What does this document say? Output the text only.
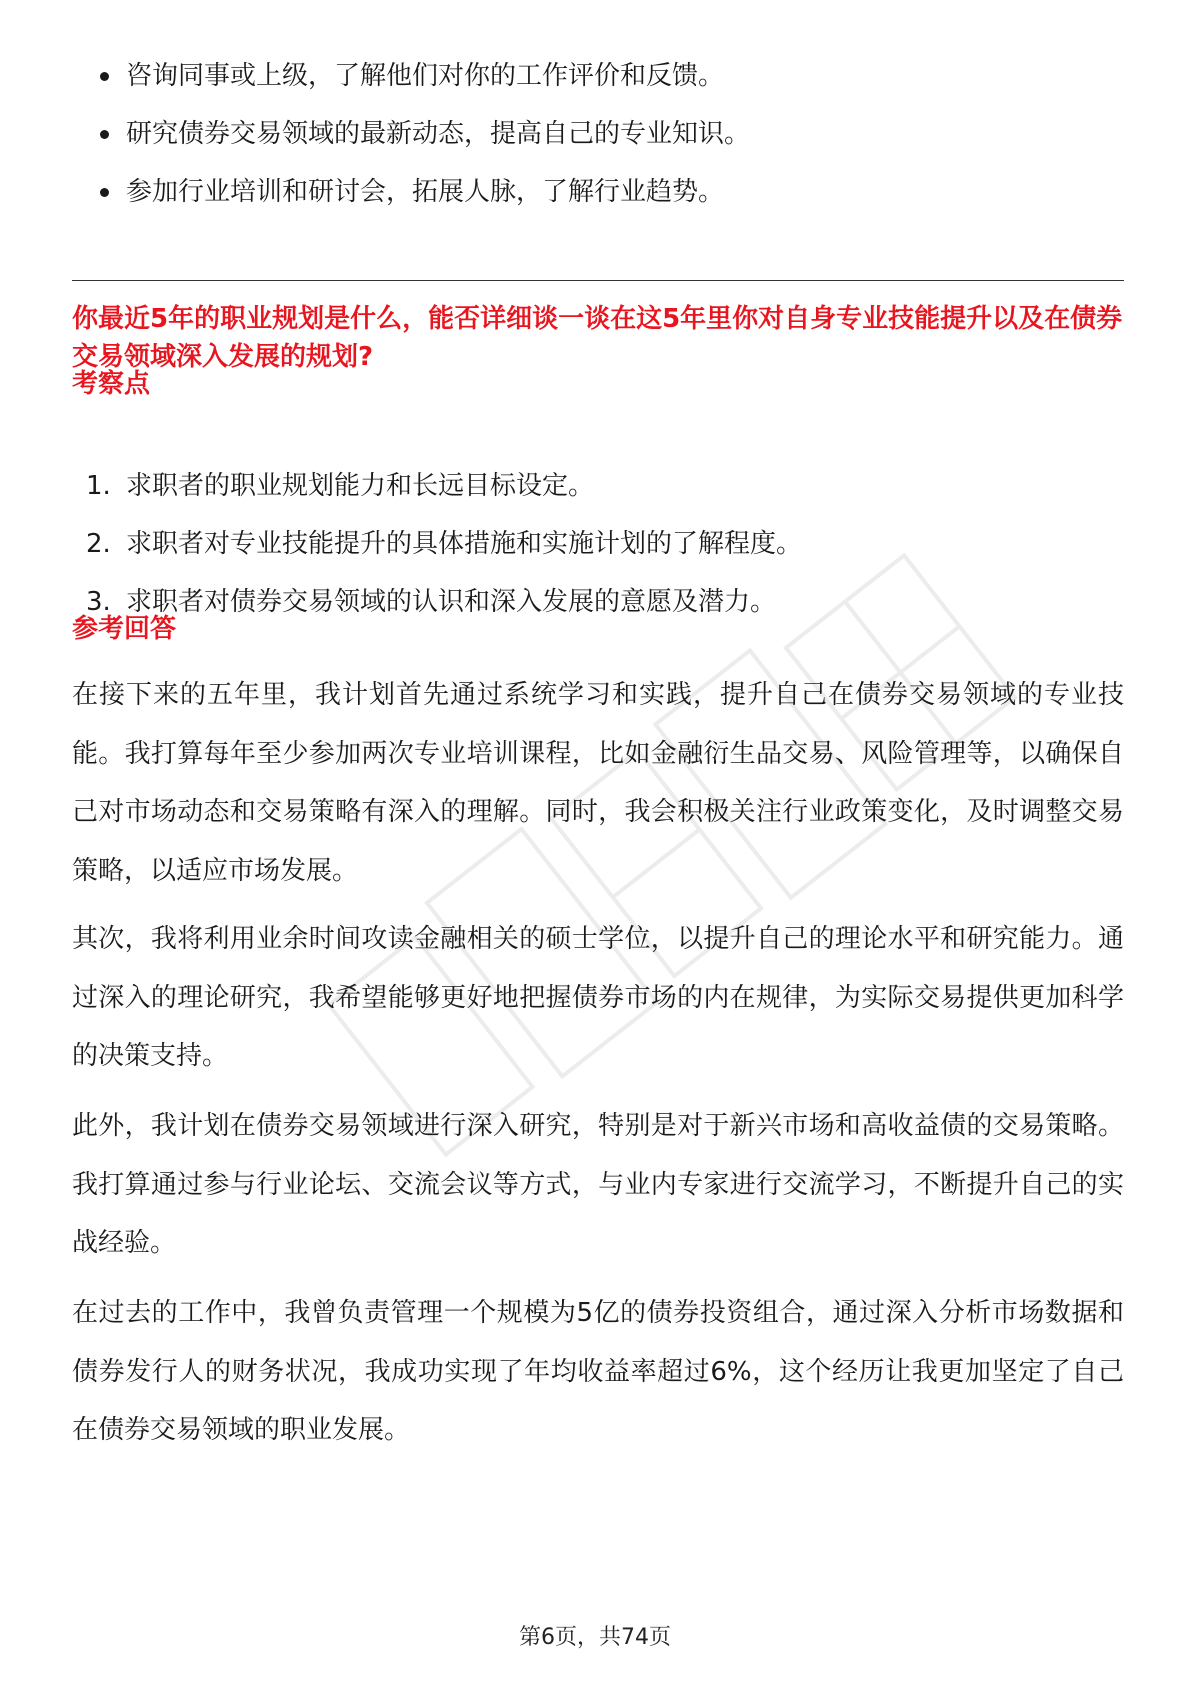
咨询同事或上级，了解他们对你的工作评价和反馈。
研究债券交易领域的最新动态，提高自己的专业知识。
参加行业培训和研讨会，拓展人脉，了解行业趋势。

你最近5年的职业规划是什么，能否详细谈一谈在这5年里你对自身专业技能提升以及在债券交易领域深入发展的规划?

考察点
1. 求职者的职业规划能力和长远目标设定。
2. 求职者对专业技能提升的具体措施和实施计划的了解程度。
3. 求职者对债券交易领域的认识和深入发展的意愿及潜力。
参考回答

在接下来的五年里，我计划首先通过系统学习和实践，提升自己在债券交易领域的专业技能。我打算每年至少参加两次专业培训课程，比如金融衍生品交易、风险管理等，以确保自己对市场动态和交易策略有深入的理解。同时，我会积极关注行业政策变化，及时调整交易策略，以适应市场发展。

其次，我将利用业余时间攻读金融相关的硕士学位，以提升自己的理论水平和研究能力。通过深入的理论研究，我希望能够更好地把握债券市场的内在规律，为实际交易提供更加科学的决策支持。

此外，我计划在债券交易领域进行深入研究，特别是对于新兴市场和高收益债的交易策略。我打算通过参与行业论坛、交流会议等方式，与业内专家进行交流学习，不断提升自己的实战经验。

在过去的工作中，我曾负责管理一个规模为5亿的债券投资组合，通过深入分析市场数据和债券发行人的财务状况，我成功实现了年均收益率超过6%，这个经历让我更加坚定了自己在债券交易领域的职业发展。

第6页，共74页
